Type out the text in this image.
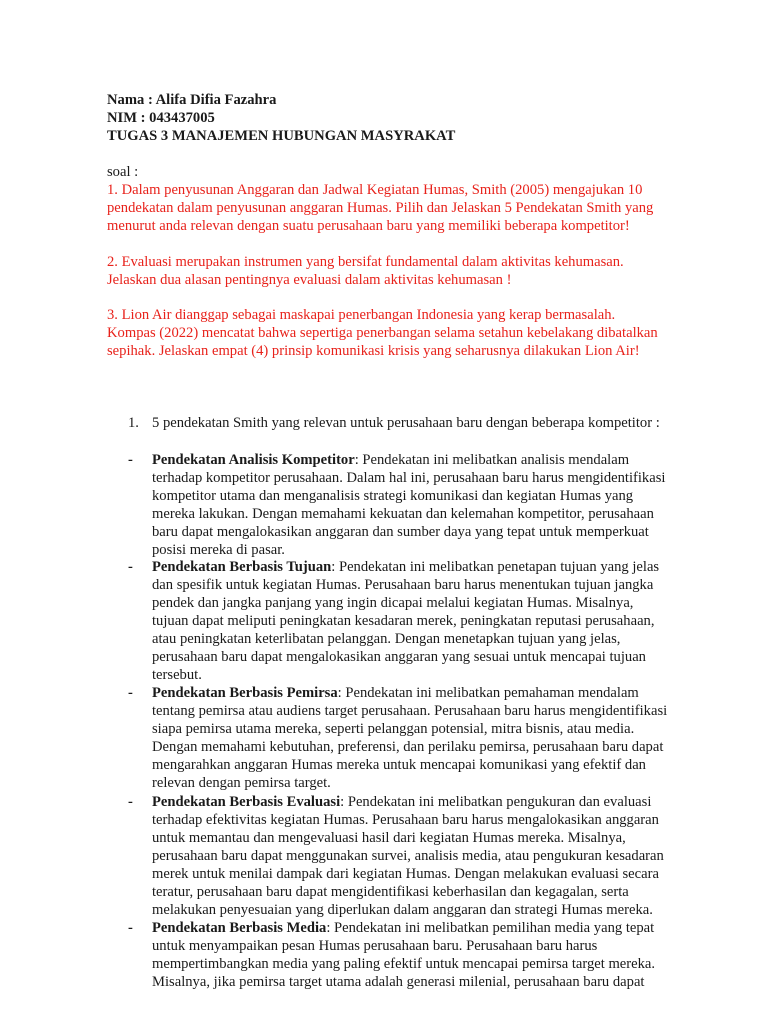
Nama : Alifa Difia Fazahra
NIM : 043437005
TUGAS 3 MANAJEMEN HUBUNGAN MASYRAKAT
soal :
1. Dalam penyusunan Anggaran dan Jadwal Kegiatan Humas, Smith (2005) mengajukan 10
pendekatan dalam penyusunan anggaran Humas. Pilih dan Jelaskan 5 Pendekatan Smith yang
menurut anda relevan dengan suatu perusahaan baru yang memiliki beberapa kompetitor!
2. Evaluasi merupakan instrumen yang bersifat fundamental dalam aktivitas kehumasan.
Jelaskan dua alasan pentingnya evaluasi dalam aktivitas kehumasan !
3. Lion Air dianggap sebagai maskapai penerbangan Indonesia yang kerap bermasalah.
Kompas (2022) mencatat bahwa sepertiga penerbangan selama setahun kebelakang dibatalkan
sepihak. Jelaskan empat (4) prinsip komunikasi krisis yang seharusnya dilakukan Lion Air!
1. 5 pendekatan Smith yang relevan untuk perusahaan baru dengan beberapa kompetitor :
- Pendekatan Analisis Kompetitor: Pendekatan ini melibatkan analisis mendalam
terhadap kompetitor perusahaan. Dalam hal ini, perusahaan baru harus mengidentifikasi
kompetitor utama dan menganalisis strategi komunikasi dan kegiatan Humas yang
mereka lakukan. Dengan memahami kekuatan dan kelemahan kompetitor, perusahaan
baru dapat mengalokasikan anggaran dan sumber daya yang tepat untuk memperkuat
posisi mereka di pasar.
- Pendekatan Berbasis Tujuan: Pendekatan ini melibatkan penetapan tujuan yang jelas
dan spesifik untuk kegiatan Humas. Perusahaan baru harus menentukan tujuan jangka
pendek dan jangka panjang yang ingin dicapai melalui kegiatan Humas. Misalnya,
tujuan dapat meliputi peningkatan kesadaran merek, peningkatan reputasi perusahaan,
atau peningkatan keterlibatan pelanggan. Dengan menetapkan tujuan yang jelas,
perusahaan baru dapat mengalokasikan anggaran yang sesuai untuk mencapai tujuan
tersebut.
- Pendekatan Berbasis Pemirsa: Pendekatan ini melibatkan pemahaman mendalam
tentang pemirsa atau audiens target perusahaan. Perusahaan baru harus mengidentifikasi
siapa pemirsa utama mereka, seperti pelanggan potensial, mitra bisnis, atau media.
Dengan memahami kebutuhan, preferensi, dan perilaku pemirsa, perusahaan baru dapat
mengarahkan anggaran Humas mereka untuk mencapai komunikasi yang efektif dan
relevan dengan pemirsa target.
- Pendekatan Berbasis Evaluasi: Pendekatan ini melibatkan pengukuran dan evaluasi
terhadap efektivitas kegiatan Humas. Perusahaan baru harus mengalokasikan anggaran
untuk memantau dan mengevaluasi hasil dari kegiatan Humas mereka. Misalnya,
perusahaan baru dapat menggunakan survei, analisis media, atau pengukuran kesadaran
merek untuk menilai dampak dari kegiatan Humas. Dengan melakukan evaluasi secara
teratur, perusahaan baru dapat mengidentifikasi keberhasilan dan kegagalan, serta
melakukan penyesuaian yang diperlukan dalam anggaran dan strategi Humas mereka.
- Pendekatan Berbasis Media: Pendekatan ini melibatkan pemilihan media yang tepat
untuk menyampaikan pesan Humas perusahaan baru. Perusahaan baru harus
mempertimbangkan media yang paling efektif untuk mencapai pemirsa target mereka.
Misalnya, jika pemirsa target utama adalah generasi milenial, perusahaan baru dapat
